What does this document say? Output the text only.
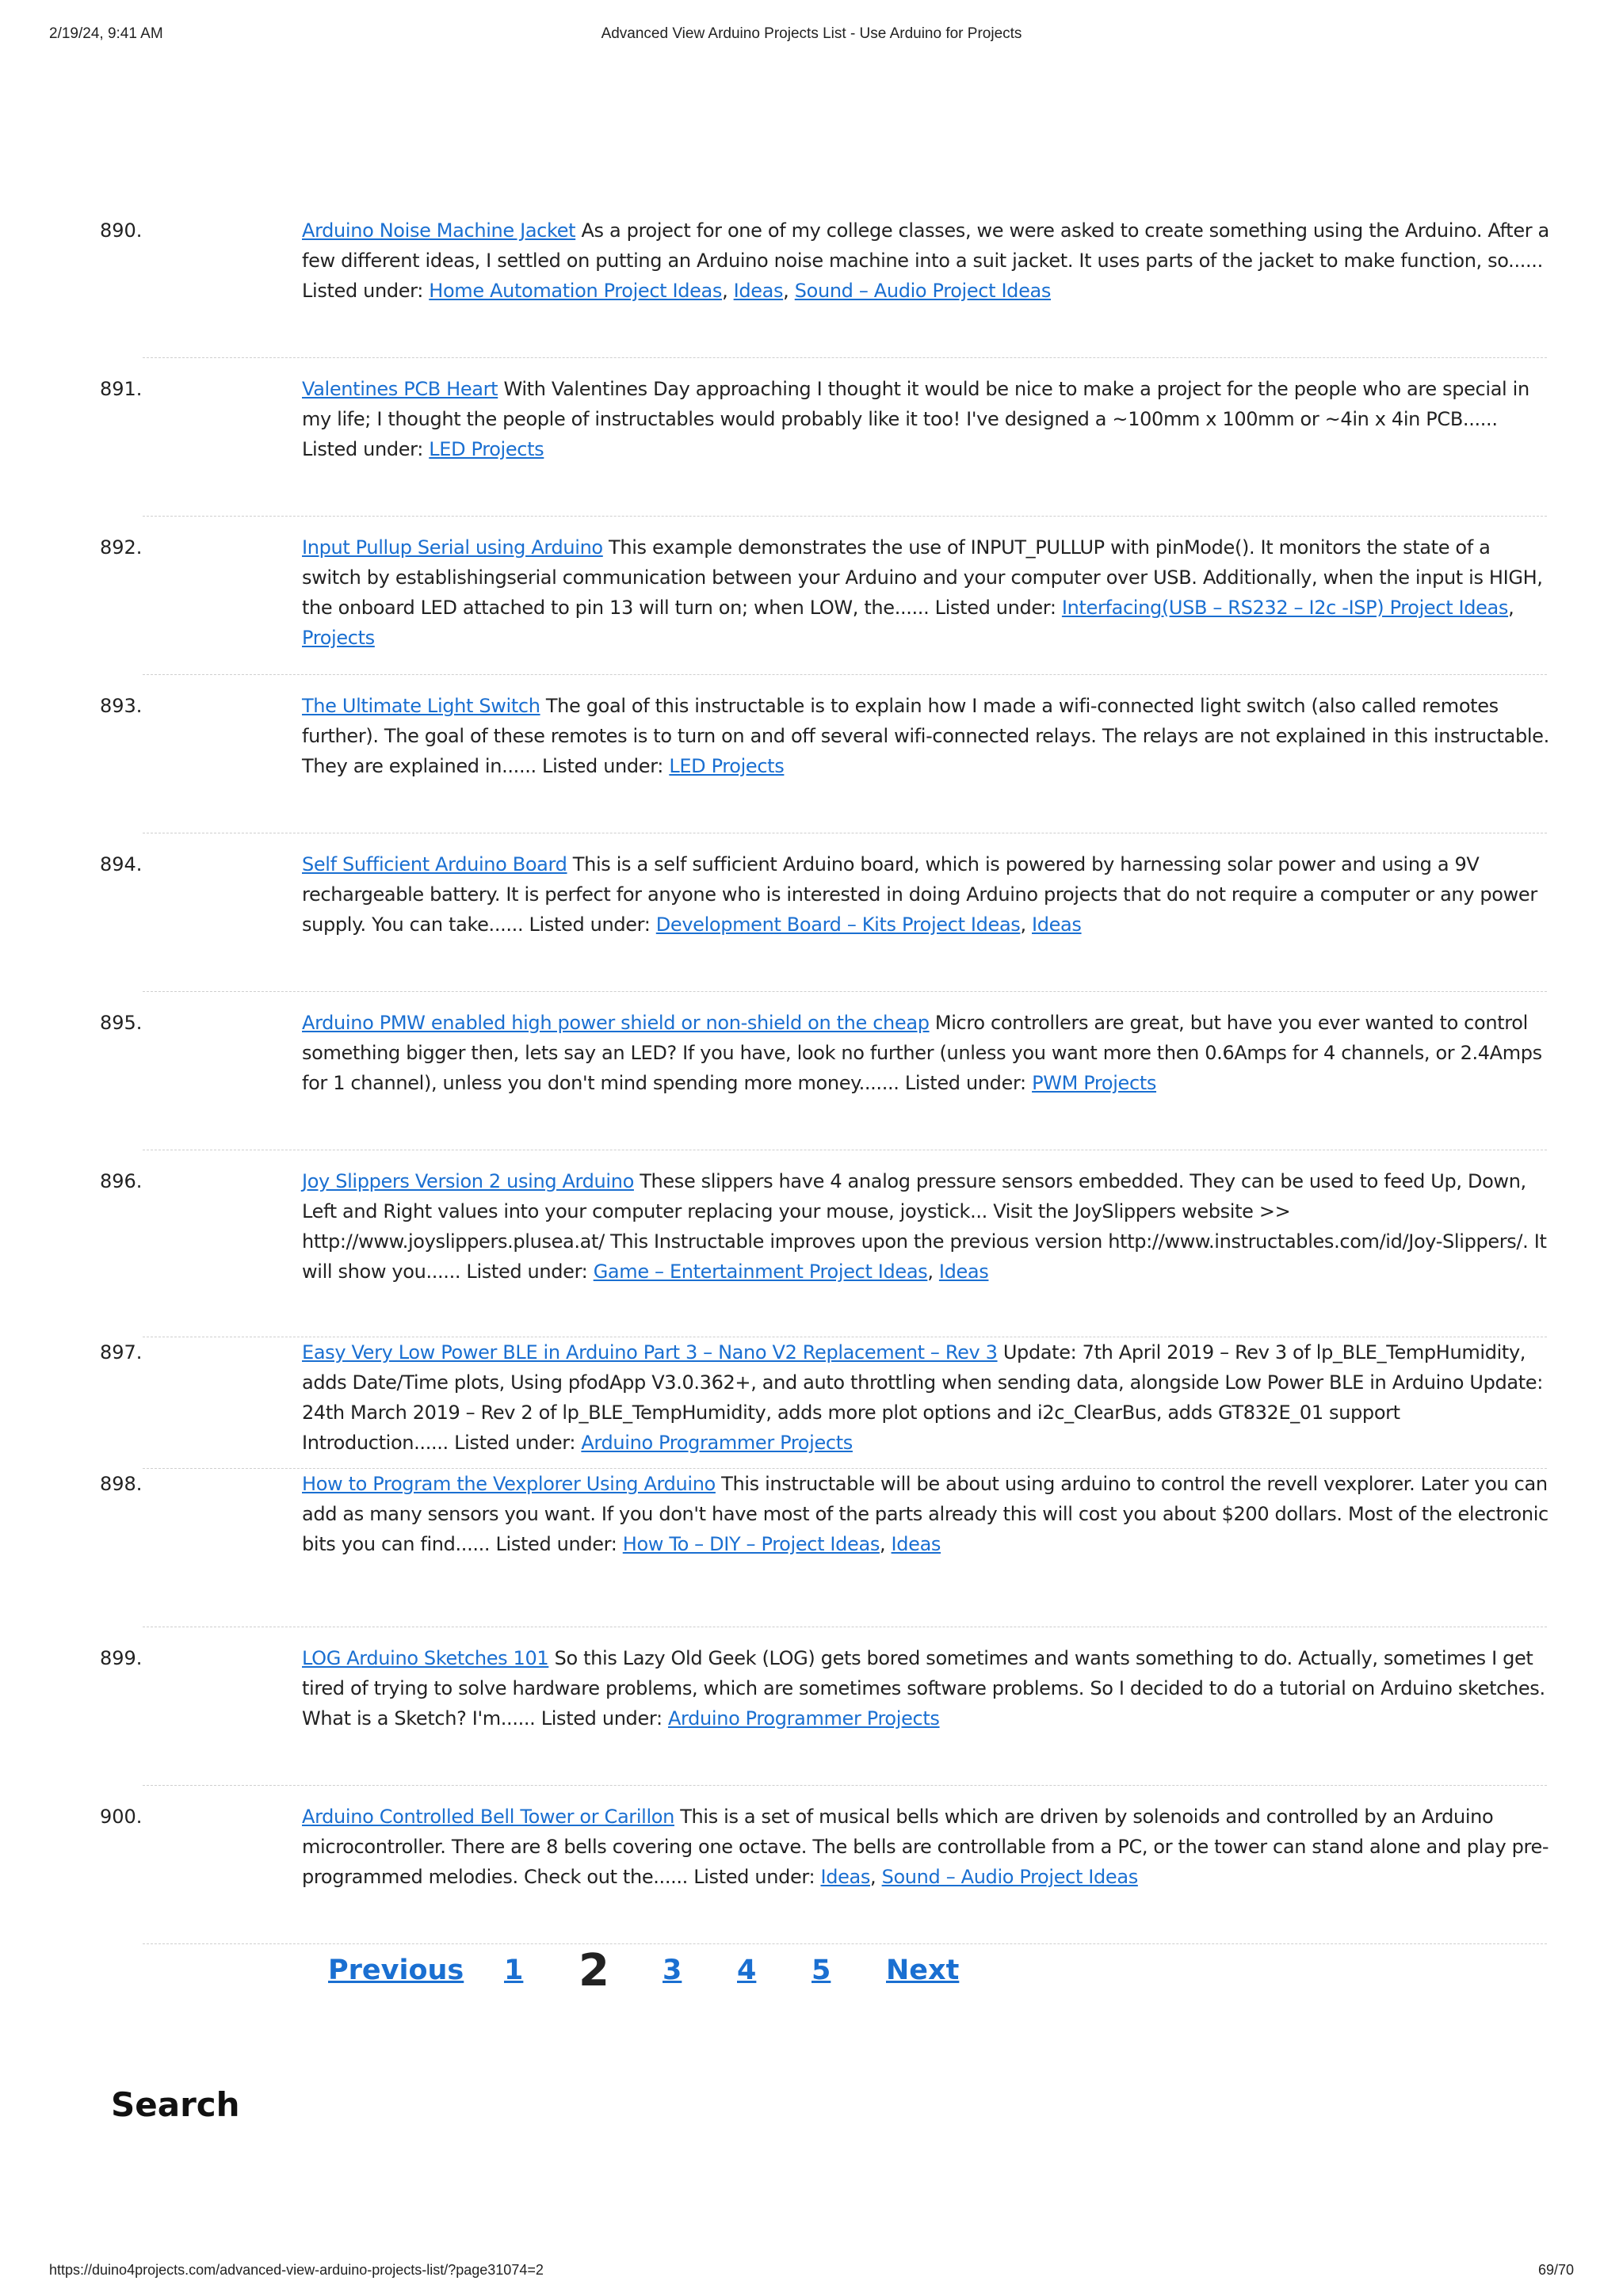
2/19/24, 9:41 AM	Advanced View Arduino Projects List - Use Arduino for Projects
890.	Arduino Noise Machine Jacket As a project for one of my college classes, we were asked to create something using the Arduino. After a few different ideas, I settled on putting an Arduino noise machine into a suit jacket. It uses parts of the jacket to make function, so...... Listed under: Home Automation Project Ideas, Ideas, Sound – Audio Project Ideas
891.	Valentines PCB Heart With Valentines Day approaching I thought it would be nice to make a project for the people who are special in my life; I thought the people of instructables would probably like it too! I've designed a ~100mm x 100mm or ~4in x 4in PCB...... Listed under: LED Projects
892.	Input Pullup Serial using Arduino This example demonstrates the use of INPUT_PULLUP with pinMode(). It monitors the state of a switch by establishingserial communication between your Arduino and your computer over USB. Additionally, when the input is HIGH, the onboard LED attached to pin 13 will turn on; when LOW, the...... Listed under: Interfacing(USB – RS232 – I2c -ISP) Project Ideas, Projects
893.	The Ultimate Light Switch The goal of this instructable is to explain how I made a wifi-connected light switch (also called remotes further). The goal of these remotes is to turn on and off several wifi-connected relays. The relays are not explained in this instructable. They are explained in...... Listed under: LED Projects
894.	Self Sufficient Arduino Board This is a self sufficient Arduino board, which is powered by harnessing solar power and using a 9V rechargeable battery. It is perfect for anyone who is interested in doing Arduino projects that do not require a computer or any power supply. You can take...... Listed under: Development Board – Kits Project Ideas, Ideas
895.	Arduino PMW enabled high power shield or non-shield on the cheap Micro controllers are great, but have you ever wanted to control something bigger then, lets say an LED? If you have, look no further (unless you want more then 0.6Amps for 4 channels, or 2.4Amps for 1 channel), unless you don't mind spending more money....... Listed under: PWM Projects
896.	Joy Slippers Version 2 using Arduino These slippers have 4 analog pressure sensors embedded. They can be used to feed Up, Down, Left and Right values into your computer replacing your mouse, joystick... Visit the JoySlippers website >> http://www.joyslippers.plusea.at/ This Instructable improves upon the previous version http://www.instructables.com/id/Joy-Slippers/. It will show you...... Listed under: Game – Entertainment Project Ideas, Ideas
897.	Easy Very Low Power BLE in Arduino Part 3 – Nano V2 Replacement – Rev 3 Update: 7th April 2019 – Rev 3 of lp_BLE_TempHumidity, adds Date/Time plots, Using pfodApp V3.0.362+, and auto throttling when sending data, alongside Low Power BLE in Arduino Update: 24th March 2019 – Rev 2 of lp_BLE_TempHumidity, adds more plot options and i2c_ClearBus, adds GT832E_01 support Introduction...... Listed under: Arduino Programmer Projects
898.	How to Program the Vexplorer Using Arduino This instructable will be about using arduino to control the revell vexplorer. Later you can add as many sensors you want. If you don't have most of the parts already this will cost you about $200 dollars. Most of the electronic bits you can find...... Listed under: How To – DIY – Project Ideas, Ideas
899.	LOG Arduino Sketches 101 So this Lazy Old Geek (LOG) gets bored sometimes and wants something to do. Actually, sometimes I get tired of trying to solve hardware problems, which are sometimes software problems. So I decided to do a tutorial on Arduino sketches. What is a Sketch? I'm...... Listed under: Arduino Programmer Projects
900.	Arduino Controlled Bell Tower or Carillon This is a set of musical bells which are driven by solenoids and controlled by an Arduino microcontroller. There are 8 bells covering one octave. The bells are controllable from a PC, or the tower can stand alone and play pre-programmed melodies. Check out the...... Listed under: Ideas, Sound – Audio Project Ideas
Previous 1 2 3 4 5 Next
Search
https://duino4projects.com/advanced-view-arduino-projects-list/?page31074=2	69/70
